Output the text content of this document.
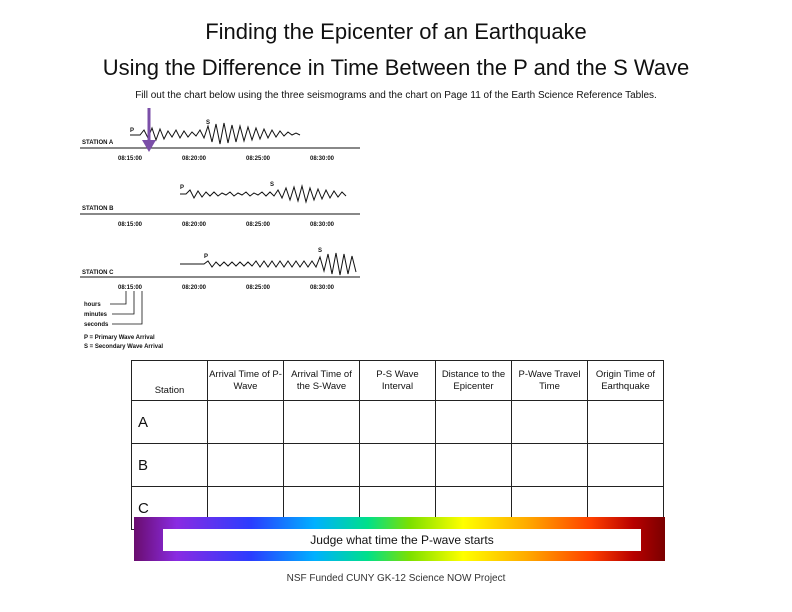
Finding the Epicenter of an Earthquake
Using the Difference in Time Between the P and the S Wave
Fill out the chart below using the three seismograms and the chart on Page 11 of the Earth Science Reference Tables.
STATION A
P
S
08:15:00	08:20:00	08:25:00	08:30:00
STATION B
P	S
08:15:00	08:20:00	08:25:00	08:30:00
STATION C
P
S
08:15:00	08:20:00	08:25:00	08:30:00
hours
minutes
seconds
P = Primary Wave Arrival
S = Secondary Wave Arrival
Station	Arrival Time of P-Wave	Arrival Time of the S-Wave	P-S Wave Interval	Distance to the Epicenter	P-Wave Travel Time	Origin Time of Earthquake
A						
B						
C						
Judge what time the P-wave starts
NSF Funded CUNY GK-12 Science NOW Project
